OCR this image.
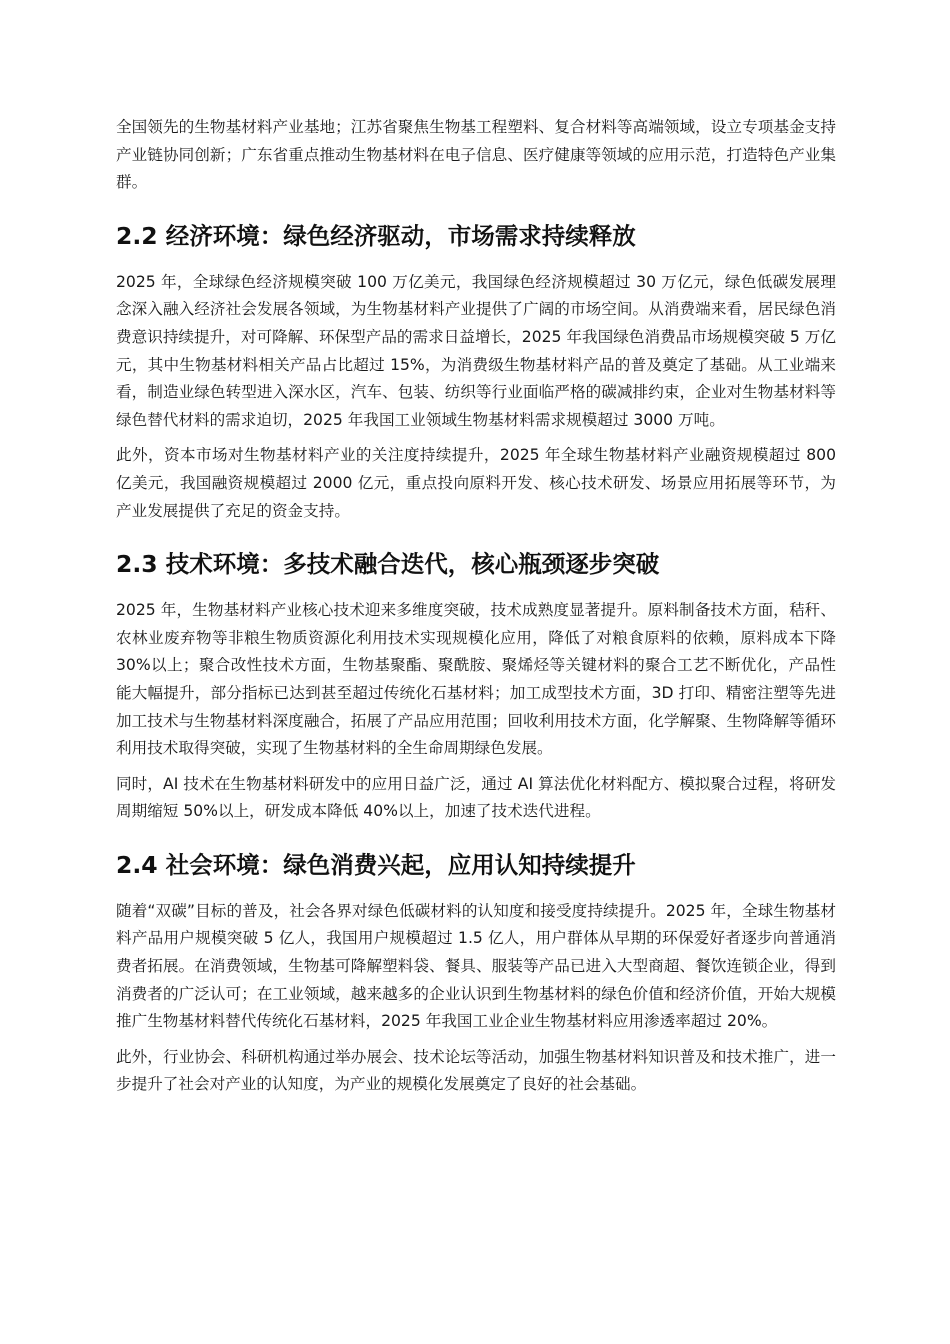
全国领先的生物基材料产业基地；江苏省聚焦生物基工程塑料、复合材料等高端领域，设立专项基金支持产业链协同创新；广东省重点推动生物基材料在电子信息、医疗健康等领域的应用示范，打造特色产业集群。

2.2 经济环境：绿色经济驱动，市场需求持续释放

2025 年，全球绿色经济规模突破 100 万亿美元，我国绿色经济规模超过 30 万亿元，绿色低碳发展理念深入融入经济社会发展各领域，为生物基材料产业提供了广阔的市场空间。从消费端来看，居民绿色消费意识持续提升，对可降解、环保型产品的需求日益增长，2025 年我国绿色消费品市场规模突破 5 万亿元，其中生物基材料相关产品占比超过 15%，为消费级生物基材料产品的普及奠定了基础。从工业端来看，制造业绿色转型进入深水区，汽车、包装、纺织等行业面临严格的碳减排约束，企业对生物基材料等绿色替代材料的需求迫切，2025 年我国工业领域生物基材料需求规模超过 3000 万吨。

此外，资本市场对生物基材料产业的关注度持续提升，2025 年全球生物基材料产业融资规模超过 800 亿美元，我国融资规模超过 2000 亿元，重点投向原料开发、核心技术研发、场景应用拓展等环节，为产业发展提供了充足的资金支持。

2.3 技术环境：多技术融合迭代，核心瓶颈逐步突破

2025 年，生物基材料产业核心技术迎来多维度突破，技术成熟度显著提升。原料制备技术方面，秸秆、农林业废弃物等非粮生物质资源化利用技术实现规模化应用，降低了对粮食原料的依赖，原料成本下降 30%以上；聚合改性技术方面，生物基聚酯、聚酰胺、聚烯烃等关键材料的聚合工艺不断优化，产品性能大幅提升，部分指标已达到甚至超过传统化石基材料；加工成型技术方面，3D 打印、精密注塑等先进加工技术与生物基材料深度融合，拓展了产品应用范围；回收利用技术方面，化学解聚、生物降解等循环利用技术取得突破，实现了生物基材料的全生命周期绿色发展。

同时，AI 技术在生物基材料研发中的应用日益广泛，通过 AI 算法优化材料配方、模拟聚合过程，将研发周期缩短 50%以上，研发成本降低 40%以上，加速了技术迭代进程。

2.4 社会环境：绿色消费兴起，应用认知持续提升

随着“双碳”目标的普及，社会各界对绿色低碳材料的认知度和接受度持续提升。2025 年，全球生物基材料产品用户规模突破 5 亿人，我国用户规模超过 1.5 亿人，用户群体从早期的环保爱好者逐步向普通消费者拓展。在消费领域，生物基可降解塑料袋、餐具、服装等产品已进入大型商超、餐饮连锁企业，得到消费者的广泛认可；在工业领域，越来越多的企业认识到生物基材料的绿色价值和经济价值，开始大规模推广生物基材料替代传统化石基材料，2025 年我国工业企业生物基材料应用渗透率超过 20%。

此外，行业协会、科研机构通过举办展会、技术论坛等活动，加强生物基材料知识普及和技术推广，进一步提升了社会对产业的认知度，为产业的规模化发展奠定了良好的社会基础。
